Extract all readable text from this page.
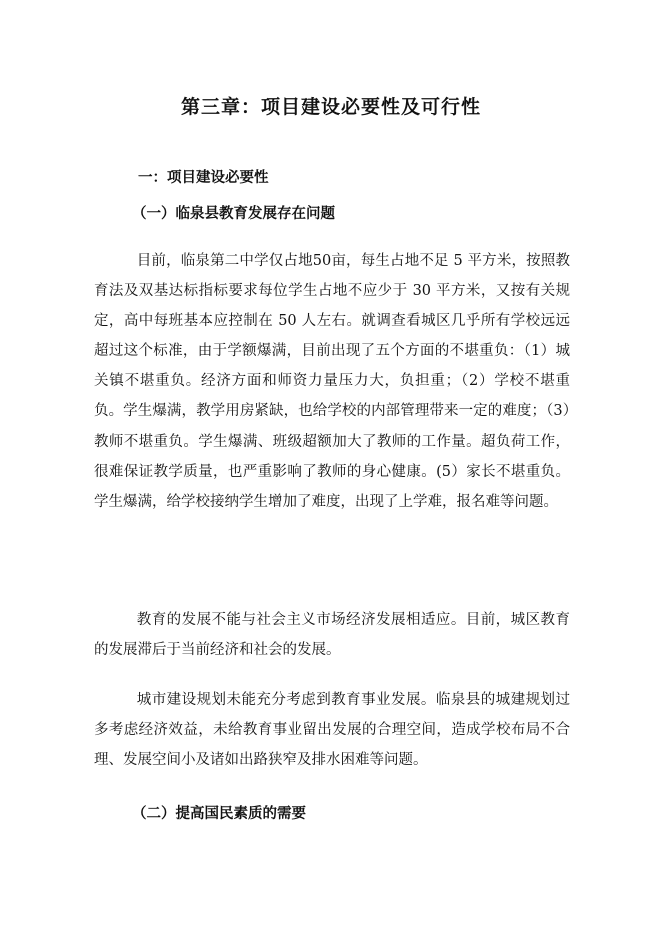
第三章：项目建设必要性及可行性
一：项目建设必要性
（一）临泉县教育发展存在问题
目前，临泉第二中学仅占地50亩，每生占地不足 5 平方米，按照教育法及双基达标指标要求每位学生占地不应少于 30 平方米，又按有关规定，高中每班基本应控制在 50 人左右。就调查看城区几乎所有学校远远超过这个标准，由于学额爆满，目前出现了五个方面的不堪重负：（1）城关镇不堪重负。经济方面和师资力量压力大，负担重；（2）学校不堪重负。学生爆满，教学用房紧缺，也给学校的内部管理带来一定的难度；（3）教师不堪重负。学生爆满、班级超额加大了教师的工作量。超负荷工作，很难保证教学质量，也严重影响了教师的身心健康。(5）家长不堪重负。学生爆满，给学校接纳学生增加了难度，出现了上学难，报名难等问题。
教育的发展不能与社会主义市场经济发展相适应。目前，城区教育的发展滞后于当前经济和社会的发展。
城市建设规划未能充分考虑到教育事业发展。临泉县的城建规划过多考虑经济效益，未给教育事业留出发展的合理空间，造成学校布局不合理、发展空间小及诸如出路狭窄及排水困难等问题。
（二）提高国民素质的需要
